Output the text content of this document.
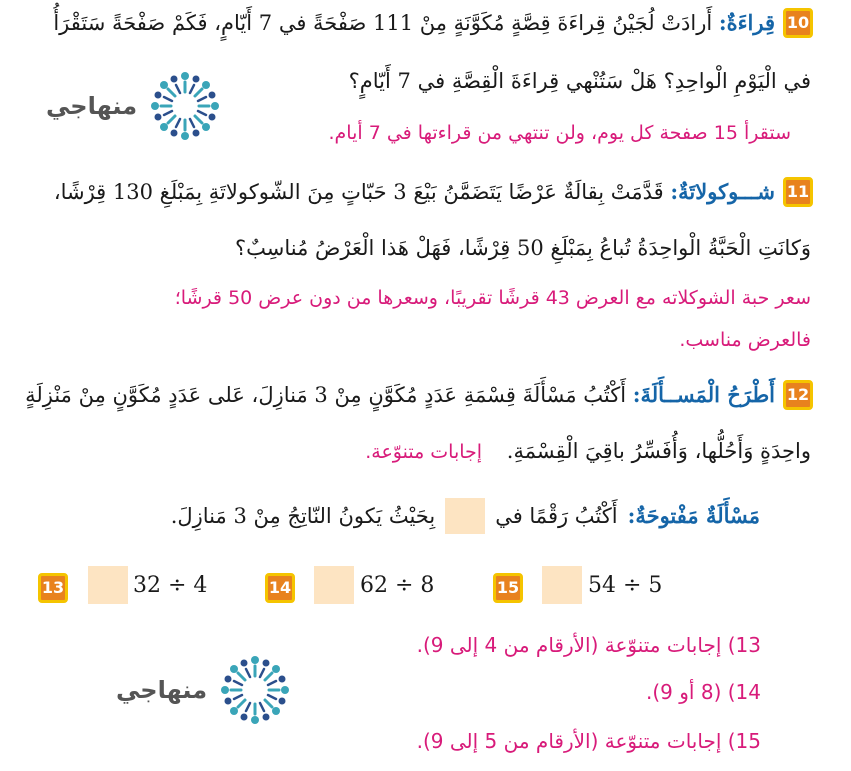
10
قِراءَةٌ: أَرادَتْ لُجَيْنُ قِراءَةَ قِصَّةٍ مُكَوَّنَةٍ مِنْ 111 صَفْحَةً في 7 أَيّامٍ، فَكَمْ صَفْحَةً سَتَقْرَأُ
في الْيَوْمِ الْواحِدِ؟ هَلْ سَتُنْهي قِراءَةَ الْقِصَّةِ في 7 أَيّامٍ؟
ستقرأ 15 صفحة كل يوم، ولن تنتهي من قراءتها في 7 أيام.
منهاجي
11
شـــوكولاتَةٌ: قَدَّمَتْ بِقالَةٌ عَرْضًا يَتَضَمَّنُ بَيْعَ 3 حَبّاتٍ مِنَ الشّوكولاتَةِ بِمَبْلَغِ 130 قِرْشًا،
وَكانَتِ الْحَبَّةُ الْواحِدَةُ تُباعُ بِمَبْلَغِ 50 قِرْشًا، فَهَلْ هَذا الْعَرْضُ مُناسِبٌ؟
سعر حبة الشوكلاته مع العرض 43 قرشًا تقريبًا، وسعرها من دون عرض 50 قرشًا؛
فالعرض مناسب.
12
أَطْرَحُ الْمَســأَلَةَ: أَكْتُبُ مَسْأَلَةَ قِسْمَةِ عَدَدٍ مُكَوَّنٍ مِنْ 3 مَنازِلَ، عَلى عَدَدٍ مُكَوَّنٍ مِنْ مَنْزِلَةٍ
واحِدَةٍ وَأَحُلُّها، وَأُفَسِّرُ باقِيَ الْقِسْمَةِ. إجابات متنوّعة.
مَسْأَلَةٌ مَفْتوحَةٌ:
أَكْتُبُ رَقْمًا في
بِحَيْثُ يَكونُ النّاتِجُ مِنْ 3 مَنازِلَ.
13	32 ÷ 4	14	62 ÷ 8	15	54 ÷ 5
13) إجابات متنوّعة (الأرقام من 4 إلى 9).
14) (8 أو 9).
15) إجابات متنوّعة (الأرقام من 5 إلى 9).
منهاجي
